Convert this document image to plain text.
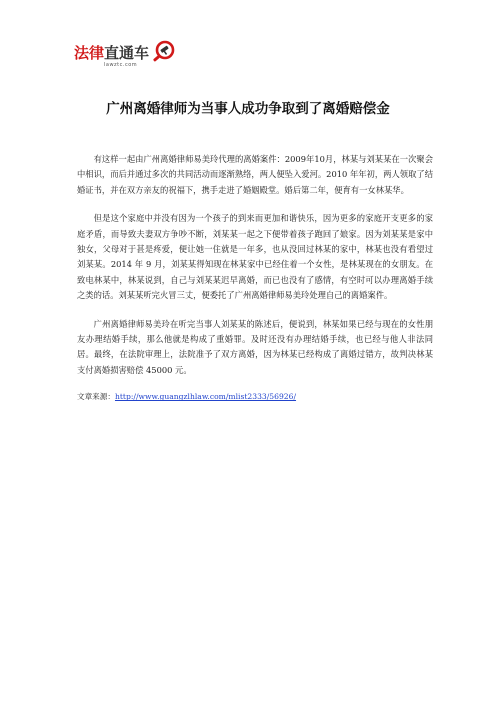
法律直通车
lawztc.com
广州离婚律师为当事人成功争取到了离婚赔偿金

有这样一起由广州离婚律师易美玲代理的离婚案件：2009年10月，林某与刘某某在一次聚会中相识，而后并通过多次的共同活动而逐渐熟络，两人便坠入爱河。2010 年年初，两人领取了结婚证书，并在双方亲友的祝福下，携手走进了婚姻殿堂。婚后第二年，便育有一女林某华。

但是这个家庭中并没有因为一个孩子的到来而更加和谐快乐，因为更多的家庭开支更多的家庭矛盾，而导致夫妻双方争吵不断，刘某某一起之下便带着孩子跑回了娘家。因为刘某某是家中独女，父母对于甚是疼爱，便让她一住就是一年多，也从没回过林某的家中，林某也没有看望过刘某某。2014 年 9 月，刘某某得知现在林某家中已经住着一个女性，是林某现在的女朋友。在致电林某中，林某说到，自己与刘某某迟早离婚，而已也没有了感情，有空时可以办理离婚手续之类的话。刘某某听完火冒三丈，便委托了广州离婚律师易美玲处理自己的离婚案件。

广州离婚律师易美玲在听完当事人刘某某的陈述后，便说到，林某如果已经与现在的女性朋友办理结婚手续，那么他就是构成了重婚罪。及时还没有办理结婚手续，也已经与他人非法同居。最终，在法院审理上，法院准予了双方离婚，因为林某已经构成了离婚过错方，故判决林某支付离婚损害赔偿 45000 元。

文章来源：http://www.guangzlhlaw.com/mlist2333/56926/
